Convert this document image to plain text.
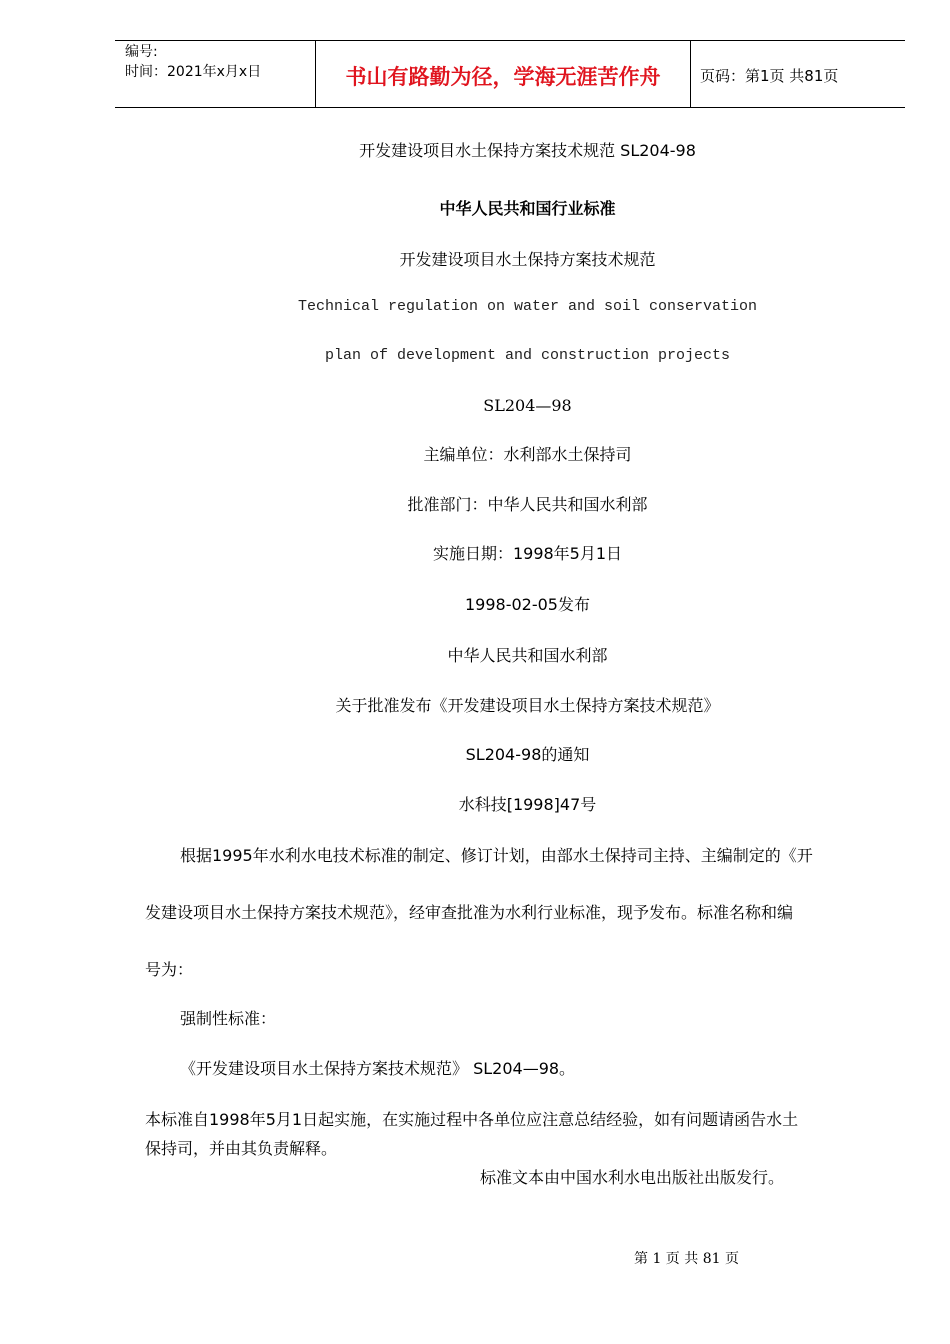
编号:
时间：2021年x月x日	书山有路勤为径，学海无涯苦作舟	页码：第1页 共81页
开发建设项目水土保持方案技术规范 SL204-98
中华人民共和国行业标准
开发建设项目水土保持方案技术规范
Technical regulation on water and soil conservation
plan of development and construction projects
SL204—98
主编单位：水利部水土保持司
批准部门：中华人民共和国水利部
实施日期：1998年5月1日
1998-02-05发布
中华人民共和国水利部
关于批准发布《开发建设项目水土保持方案技术规范》
SL204-98的通知
水科技[1998]47号
根据1995年水利水电技术标准的制定、修订计划，由部水土保持司主持、主编制定的《开
发建设项目水土保持方案技术规范》，经审查批准为水利行业标准，现予发布。标准名称和编
号为：
强制性标准：
《开发建设项目水土保持方案技术规范》 SL204—98。
本标准自1998年5月1日起实施，在实施过程中各单位应注意总结经验，如有问题请函告水土
保持司，并由其负责解释。
标准文本由中国水利水电出版社出版发行。
第 1 页 共 81 页
